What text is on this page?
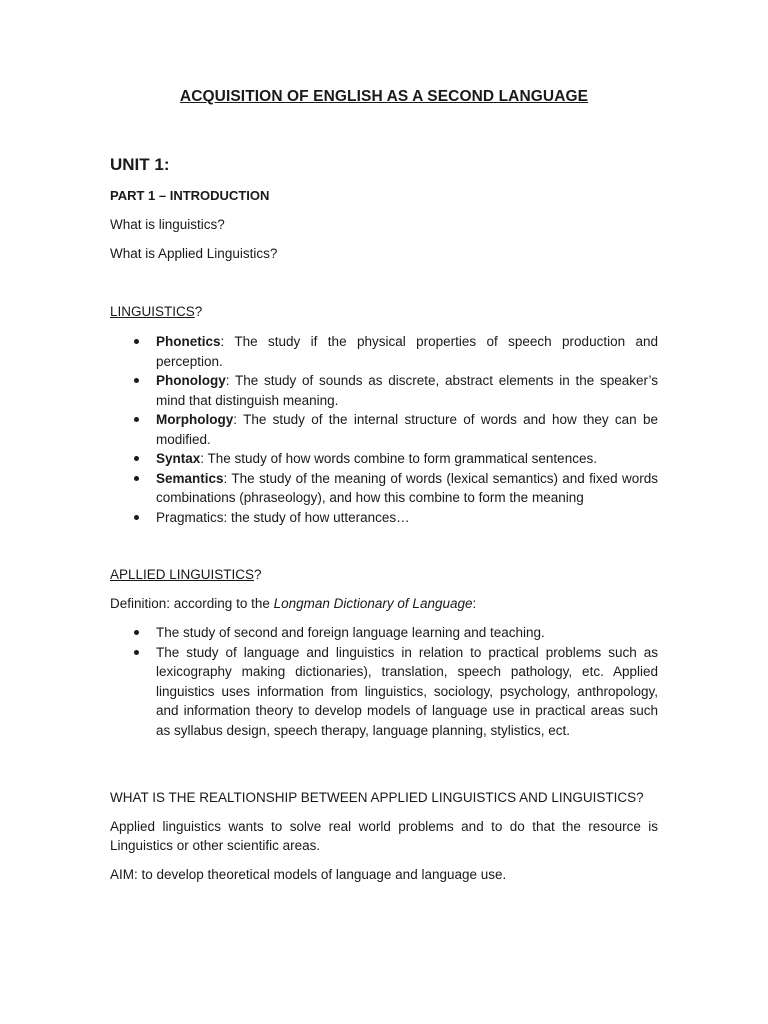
ACQUISITION OF ENGLISH AS A SECOND LANGUAGE
UNIT 1:
PART 1 – INTRODUCTION
What is linguistics?
What is Applied Linguistics?
LINGUISTICS?
Phonetics: The study if the physical properties of speech production and perception.
Phonology: The study of sounds as discrete, abstract elements in the speaker’s mind that distinguish meaning.
Morphology: The study of the internal structure of words and how they can be modified.
Syntax: The study of how words combine to form grammatical sentences.
Semantics: The study of the meaning of words (lexical semantics) and fixed words combinations (phraseology), and how this combine to form the meaning
Pragmatics: the study of how utterances…
APLLIED LINGUISTICS?
Definition: according to the Longman Dictionary of Language:
The study of second and foreign language learning and teaching.
The study of language and linguistics in relation to practical problems such as lexicography making dictionaries), translation, speech pathology, etc. Applied linguistics uses information from linguistics, sociology, psychology, anthropology, and information theory to develop models of language use in practical areas such as syllabus design, speech therapy, language planning, stylistics, ect.
WHAT IS THE REALTIONSHIP BETWEEN APPLIED LINGUISTICS AND LINGUISTICS?

Applied linguistics wants to solve real world problems and to do that the resource is Linguistics or other scientific areas.

AIM: to develop theoretical models of language and language use.
